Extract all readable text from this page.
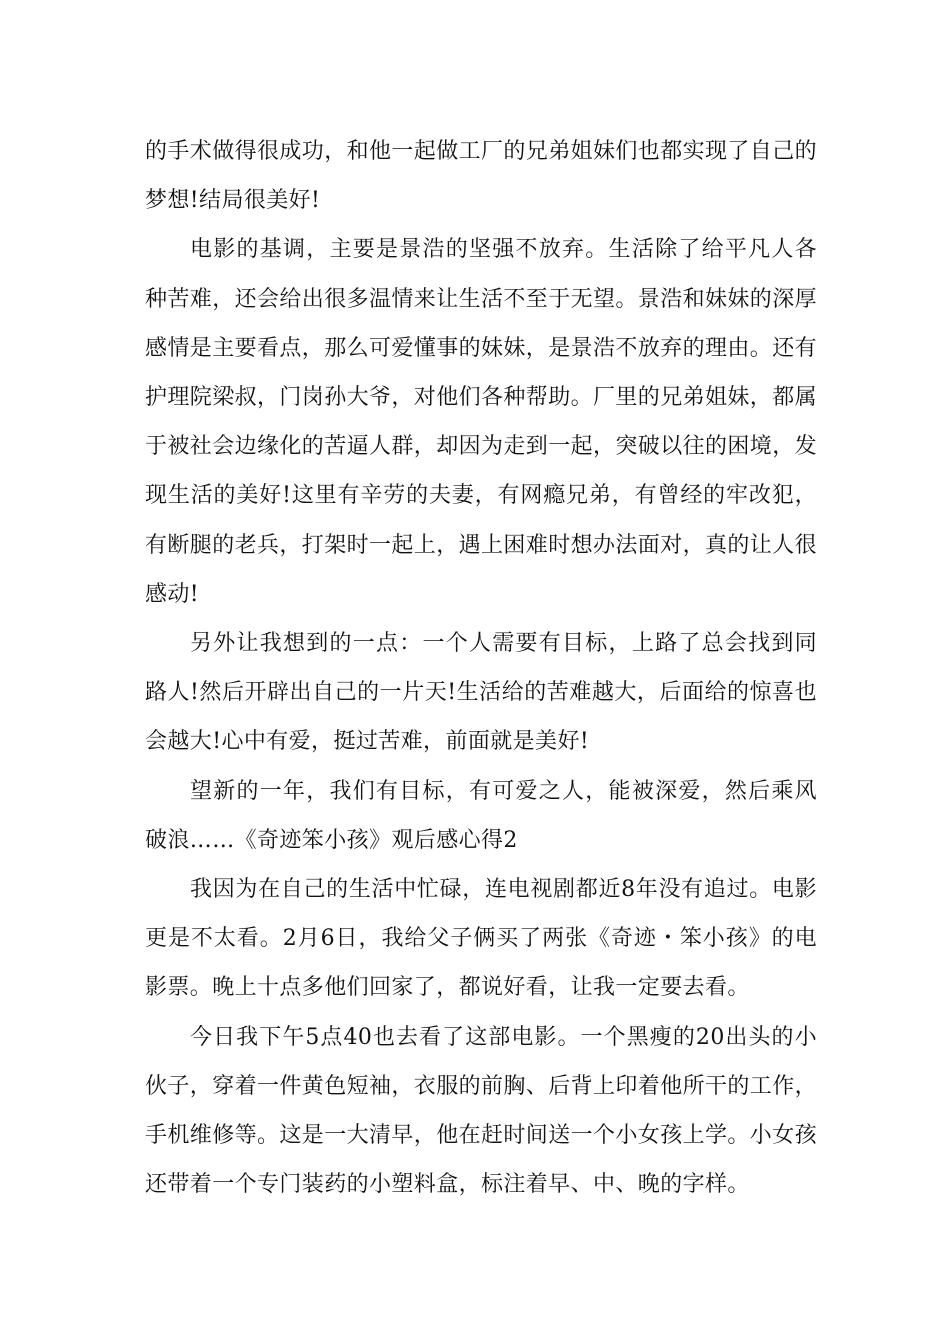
的手术做得很成功，和他一起做工厂的兄弟姐妹们也都实现了自己的梦想!结局很美好!

电影的基调，主要是景浩的坚强不放弃。生活除了给平凡人各种苦难，还会给出很多温情来让生活不至于无望。景浩和妹妹的深厚感情是主要看点，那么可爱懂事的妹妹，是景浩不放弃的理由。还有护理院梁叔，门岗孙大爷，对他们各种帮助。厂里的兄弟姐妹，都属于被社会边缘化的苦逼人群，却因为走到一起，突破以往的困境，发现生活的美好!这里有辛劳的夫妻，有网瘾兄弟，有曾经的牢改犯，有断腿的老兵，打架时一起上，遇上困难时想办法面对，真的让人很感动!

另外让我想到的一点：一个人需要有目标，上路了总会找到同路人!然后开辟出自己的一片天!生活给的苦难越大，后面给的惊喜也会越大!心中有爱，挺过苦难，前面就是美好!

望新的一年，我们有目标，有可爱之人，能被深爱，然后乘风破浪……《奇迹笨小孩》观后感心得2

我因为在自己的生活中忙碌，连电视剧都近8年没有追过。电影更是不太看。2月6日，我给父子俩买了两张《奇迹・笨小孩》的电影票。晚上十点多他们回家了，都说好看，让我一定要去看。

今日我下午5点40也去看了这部电影。一个黑瘦的20出头的小伙子，穿着一件黄色短袖，衣服的前胸、后背上印着他所干的工作，手机维修等。这是一大清早，他在赶时间送一个小女孩上学。小女孩还带着一个专门装药的小塑料盒，标注着早、中、晚的字样。
